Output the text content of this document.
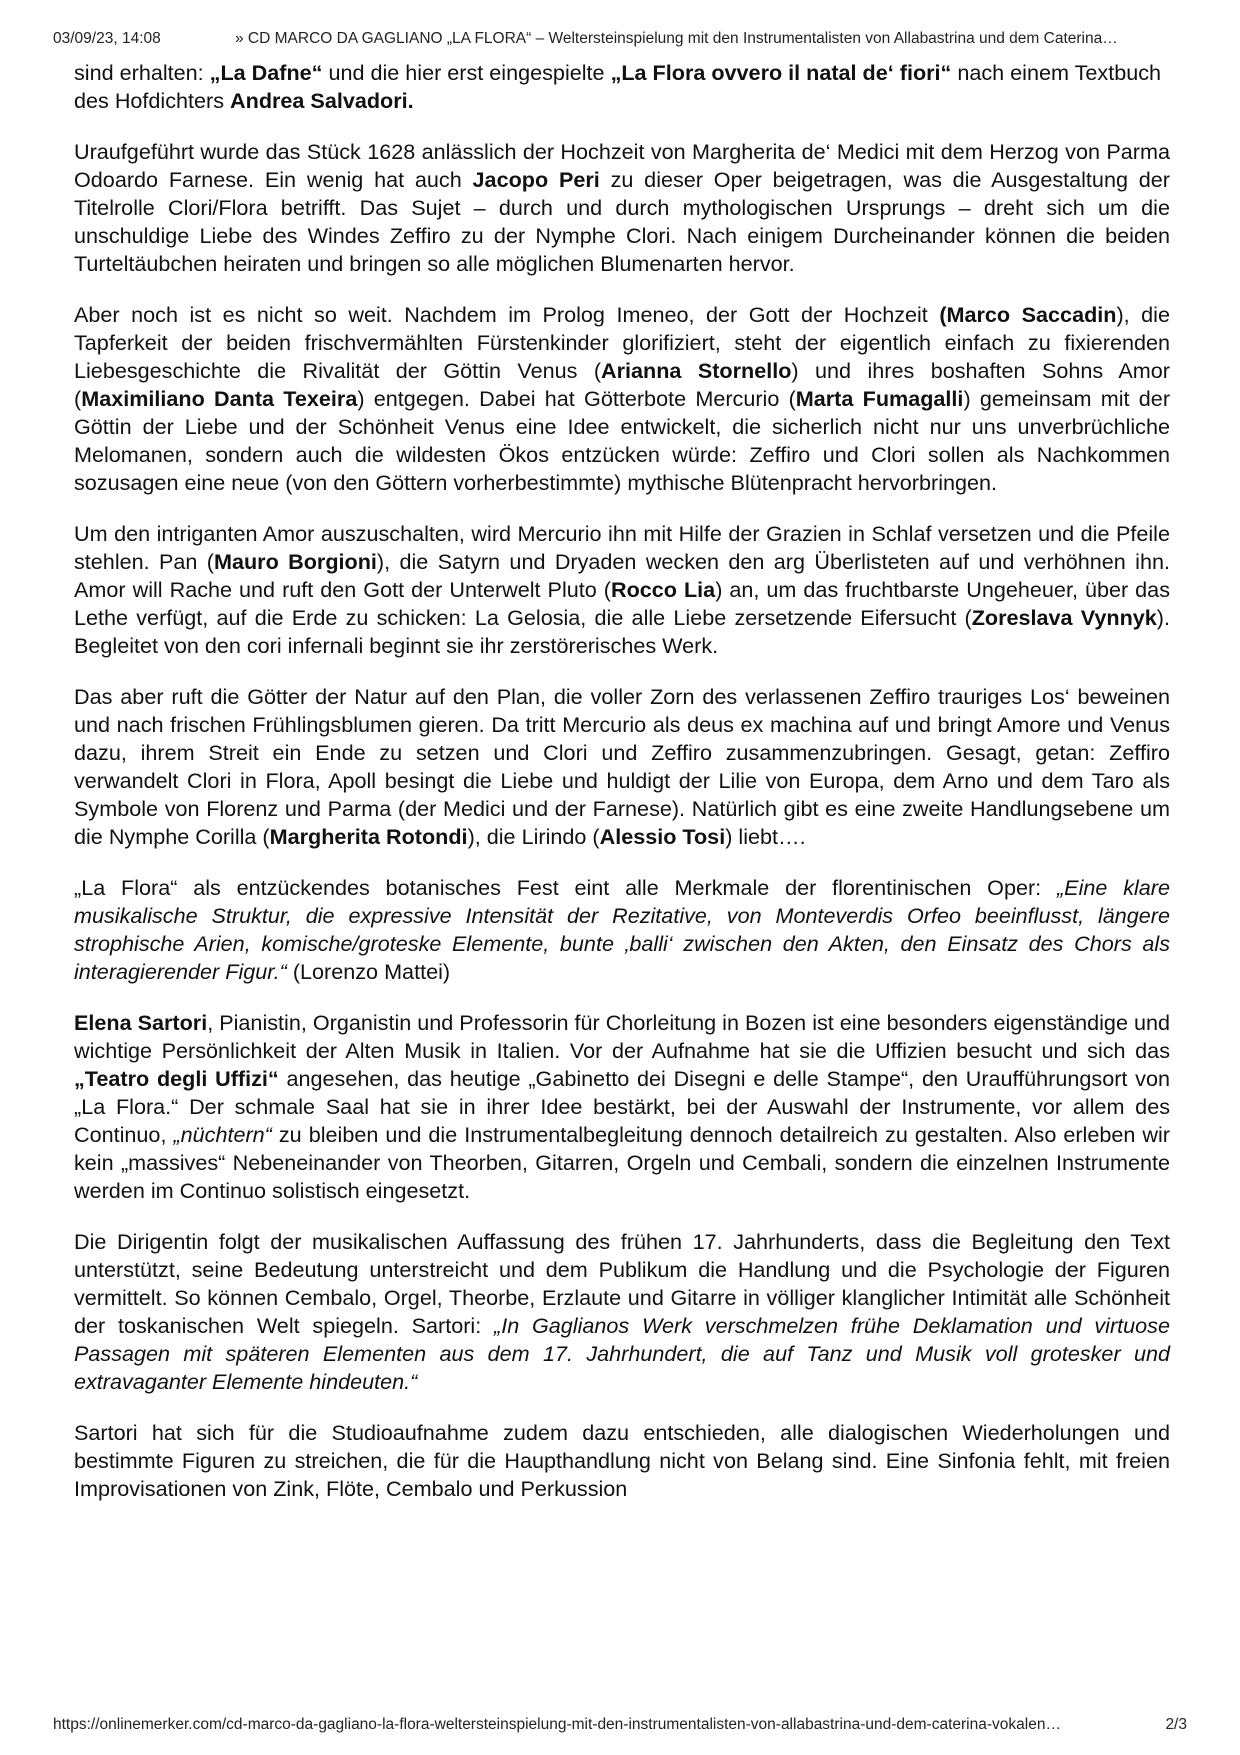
03/09/23, 14:08	» CD MARCO DA GAGLIANO „LA FLORA“ – Weltersteinspielung mit den Instrumentalisten von Allabastrina und dem Caterina…

sind erhalten: „La Dafne“ und die hier erst eingespielte „La Flora ovvero il natal de‘ fiori“ nach einem Textbuch des Hofdichters Andrea Salvadori.

Uraufgeführt wurde das Stück 1628 anlässlich der Hochzeit von Margherita de‘ Medici mit dem Herzog von Parma Odoardo Farnese. Ein wenig hat auch Jacopo Peri zu dieser Oper beigetragen, was die Ausgestaltung der Titelrolle Clori/Flora betrifft. Das Sujet – durch und durch mythologischen Ursprungs – dreht sich um die unschuldige Liebe des Windes Zeffiro zu der Nymphe Clori. Nach einigem Durcheinander können die beiden Turteltäubchen heiraten und bringen so alle möglichen Blumenarten hervor.

Aber noch ist es nicht so weit. Nachdem im Prolog Imeneo, der Gott der Hochzeit (Marco Saccadin), die Tapferkeit der beiden frischvermählten Fürstenkinder glorifiziert, steht der eigentlich einfach zu fixierenden Liebesgeschichte die Rivalität der Göttin Venus (Arianna Stornello) und ihres boshaften Sohns Amor (Maximiliano Danta Texeira) entgegen. Dabei hat Götterbote Mercurio (Marta Fumagalli) gemeinsam mit der Göttin der Liebe und der Schönheit Venus eine Idee entwickelt, die sicherlich nicht nur uns unverbrüchliche Melomanen, sondern auch die wildesten Ökos entzücken würde: Zeffiro und Clori sollen als Nachkommen sozusagen eine neue (von den Göttern vorherbestimmte) mythische Blütenpracht hervorbringen.

Um den intriganten Amor auszuschalten, wird Mercurio ihn mit Hilfe der Grazien in Schlaf versetzen und die Pfeile stehlen. Pan (Mauro Borgioni), die Satyrn und Dryaden wecken den arg Überlisteten auf und verhöhnen ihn. Amor will Rache und ruft den Gott der Unterwelt Pluto (Rocco Lia) an, um das fruchtbarste Ungeheuer, über das Lethe verfügt, auf die Erde zu schicken: La Gelosia, die alle Liebe zersetzende Eifersucht (Zoreslava Vynnyk). Begleitet von den cori infernali beginnt sie ihr zerstörerisches Werk.

Das aber ruft die Götter der Natur auf den Plan, die voller Zorn des verlassenen Zeffiro trauriges Los‘ beweinen und nach frischen Frühlingsblumen gieren. Da tritt Mercurio als deus ex machina auf und bringt Amore und Venus dazu, ihrem Streit ein Ende zu setzen und Clori und Zeffiro zusammenzubringen. Gesagt, getan: Zeffiro verwandelt Clori in Flora, Apoll besingt die Liebe und huldigt der Lilie von Europa, dem Arno und dem Taro als Symbole von Florenz und Parma (der Medici und der Farnese). Natürlich gibt es eine zweite Handlungsebene um die Nymphe Corilla (Margherita Rotondi), die Lirindo (Alessio Tosi) liebt….

„La Flora“ als entzückendes botanisches Fest eint alle Merkmale der florentinischen Oper: „Eine klare musikalische Struktur, die expressive Intensität der Rezitative, von Monteverdis Orfeo beeinflusst, längere strophische Arien, komische/groteske Elemente, bunte ‚balli‘ zwischen den Akten, den Einsatz des Chors als interagierender Figur.“ (Lorenzo Mattei)

Elena Sartori, Pianistin, Organistin und Professorin für Chorleitung in Bozen ist eine besonders eigenständige und wichtige Persönlichkeit der Alten Musik in Italien. Vor der Aufnahme hat sie die Uffizien besucht und sich das „Teatro degli Uffizi“ angesehen, das heutige „Gabinetto dei Disegni e delle Stampe“, den Uraufführungsort von „La Flora.“ Der schmale Saal hat sie in ihrer Idee bestärkt, bei der Auswahl der Instrumente, vor allem des Continuo, „nüchtern“ zu bleiben und die Instrumentalbegleitung dennoch detailreich zu gestalten. Also erleben wir kein „massives“ Nebeneinander von Theorben, Gitarren, Orgeln und Cembali, sondern die einzelnen Instrumente werden im Continuo solistisch eingesetzt.

Die Dirigentin folgt der musikalischen Auffassung des frühen 17. Jahrhunderts, dass die Begleitung den Text unterstützt, seine Bedeutung unterstreicht und dem Publikum die Handlung und die Psychologie der Figuren vermittelt. So können Cembalo, Orgel, Theorbe, Erzlaute und Gitarre in völliger klanglicher Intimität alle Schönheit der toskanischen Welt spiegeln. Sartori: „In Gaglianos Werk verschmelzen frühe Deklamation und virtuose Passagen mit späteren Elementen aus dem 17. Jahrhundert, die auf Tanz und Musik voll grotesker und extravaganter Elemente hindeuten.“

Sartori hat sich für die Studioaufnahme zudem dazu entschieden, alle dialogischen Wiederholungen und bestimmte Figuren zu streichen, die für die Haupthandlung nicht von Belang sind. Eine Sinfonia fehlt, mit freien Improvisationen von Zink, Flöte, Cembalo und Perkussion

https://onlinemerker.com/cd-marco-da-gagliano-la-flora-weltersteinspielung-mit-den-instrumentalisten-von-allabastrina-und-dem-caterina-vokalen…	2/3
